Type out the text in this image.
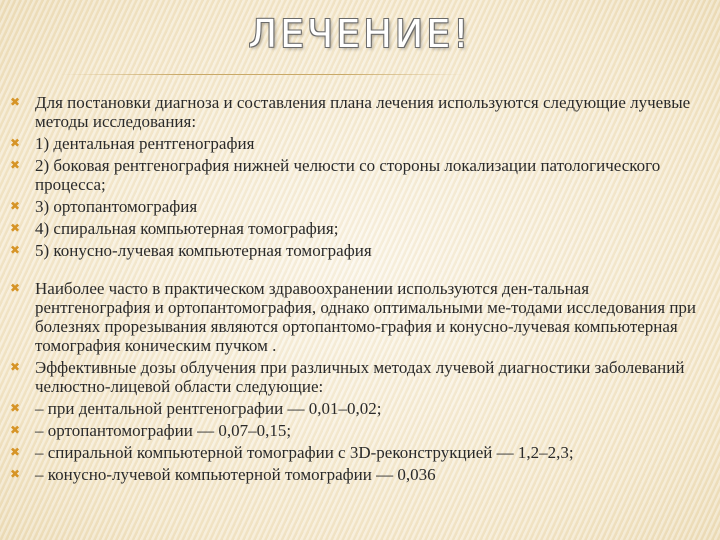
ЛЕЧЕНИЕ!
✖ Для постановки диагноза и составления плана лечения используются следующие лучевые методы исследования:
✖ 1) дентальная рентгенография
✖ 2) боковая рентгенография нижней челюсти со стороны локализации патологического процесса;
✖ 3) ортопантомография
✖ 4) спиральная компьютерная томография;
✖ 5) конусно-лучевая компьютерная томография
✖ Наиболее часто в практическом здравоохранении используются ден-тальная рентгенография и ортопантомография, однако оптимальными ме-тодами исследования при болезнях прорезывания являются ортопантомо-графия и конусно-лучевая компьютерная томография коническим пучком .
✖ Эффективные дозы облучения при различных методах лучевой диагностики заболеваний челюстно-лицевой области следующие:
✖ – при дентальной рентгенографии — 0,01–0,02;
✖ – ортопантомографии — 0,07–0,15;
✖ – спиральной компьютерной томографии с 3D-реконструкцией — 1,2–2,3;
✖ – конусно-лучевой компьютерной томографии — 0,036
